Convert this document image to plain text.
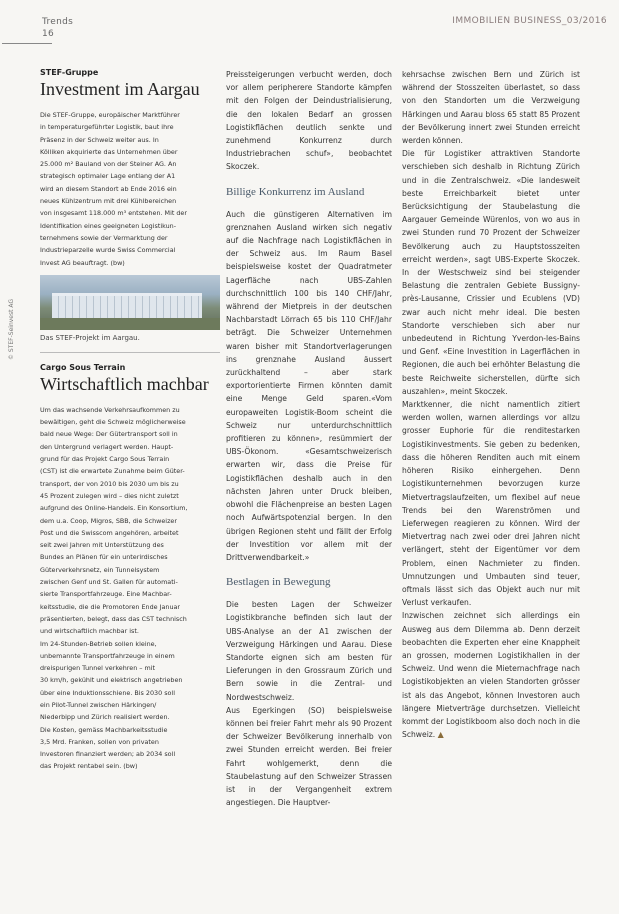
Trends
16
IMMOBILIEN BUSINESS_03/2016
© STEF-Seinvest AG

STEF-Gruppe

Investment im Aargau

Die STEF-Gruppe, europäischer Marktführer
in temperaturgeführter Logistik, baut ihre
Präsenz in der Schweiz weiter aus. In
Kölliken akquirierte das Unternehmen über
25.000 m² Bauland von der Steiner AG. An
strategisch optimaler Lage entlang der A1
wird an diesem Standort ab Ende 2016 ein
neues Kühlzentrum mit drei Kühlbereichen
von insgesamt 118.000 m³ entstehen. Mit der
Identifikation eines geeigneten Logistikun-
ternehmens sowie der Vermarktung der
Industrieparzelle wurde Swiss Commercial
Invest AG beauftragt. (bw)

Das STEF-Projekt im Aargau.

Cargo Sous Terrain

Wirtschaftlich machbar

Um das wachsende Verkehrsaufkommen zu
bewältigen, geht die Schweiz möglicherweise
bald neue Wege: Der Gütertransport soll in
den Untergrund verlagert werden. Haupt-
grund für das Projekt Cargo Sous Terrain
(CST) ist die erwartete Zunahme beim Güter-
transport, der von 2010 bis 2030 um bis zu
45 Prozent zulegen wird – dies nicht zuletzt
aufgrund des Online-Handels. Ein Konsortium,
dem u.a. Coop, Migros, SBB, die Schweizer
Post und die Swisscom angehören, arbeitet
seit zwei Jahren mit Unterstützung des
Bundes an Plänen für ein unterirdisches
Güterverkehrsnetz, ein Tunnelsystem
zwischen Genf und St. Gallen für automati-
sierte Transportfahrzeuge. Eine Machbar-
keitsstudie, die die Promotoren Ende Januar
präsentierten, belegt, dass das CST technisch
und wirtschaftlich machbar ist.
Im 24-Stunden-Betrieb sollen kleine,
unbemannte Transportfahrzeuge in einem
dreispurigen Tunnel verkehren – mit
30 km/h, gekühlt und elektrisch angetrieben
über eine Induktionsschiene. Bis 2030 soll
ein Pilot-Tunnel zwischen Härkingen/
Niederbipp und Zürich realisiert werden.
Die Kosten, gemäss Machbarkeitsstudie
3,5 Mrd. Franken, sollen von privaten
Investoren finanziert werden; ab 2034 soll
das Projekt rentabel sein. (bw)

Preissteigerungen verbucht werden, doch vor allem peripherere Standorte kämpfen mit den Folgen der Deindustrialisierung, die den lokalen Bedarf an grossen Logistikflächen deutlich senkte und zunehmend Konkurrenz durch Industriebrachen schuf», beobachtet Skoczek.

Billige Konkurrenz im Ausland

Auch die günstigeren Alternativen im grenznahen Ausland wirken sich negativ auf die Nachfrage nach Logistikflächen in der Schweiz aus. Im Raum Basel beispielsweise kostet der Quadratmeter Lagerfläche nach UBS-Zahlen durchschnittlich 100 bis 140 CHF/Jahr, während der Mietpreis in der deutschen Nachbarstadt Lörrach 65 bis 110 CHF/Jahr beträgt. Die Schweizer Unternehmen waren bisher mit Standortverlagerungen ins grenznahe Ausland äussert zurückhaltend – aber stark exportorientierte Firmen könnten damit eine Menge Geld sparen.«Vom europaweiten Logistik-Boom scheint die Schweiz nur unterdurchschnittlich profitieren zu können», resümmiert der UBS-Ökonom. «Gesamtschweizerisch erwarten wir, dass die Preise für Logistikflächen deshalb auch in den nächsten Jahren unter Druck bleiben, obwohl die Flächenpreise an besten Lagen noch Aufwärtspotenzial bergen. In den übrigen Regionen steht und fällt der Erfolg der Investition vor allem mit der Drittverwendbarkeit.»

Bestlagen in Bewegung

Die besten Lagen der Schweizer Logistikbranche befinden sich laut der UBS-Analyse an der A1 zwischen der Verzweigung Härkingen und Aarau. Diese Standorte eignen sich am besten für Lieferungen in den Grossraum Zürich und Bern sowie in die Zentral- und Nordwestschweiz.
Aus Egerkingen (SO) beispielsweise können bei freier Fahrt mehr als 90 Prozent der Schweizer Bevölkerung innerhalb von zwei Stunden erreicht werden. Bei freier Fahrt wohlgemerkt, denn die Staubelastung auf den Schweizer Strassen ist in der Vergangenheit extrem angestiegen. Die Hauptver-

kehrsachse zwischen Bern und Zürich ist während der Stosszeiten überlastet, so dass von den Standorten um die Verzweigung Härkingen und Aarau bloss 65 statt 85 Prozent der Bevölkerung innert zwei Stunden erreicht werden können.
Die für Logistiker attraktiven Standorte verschieben sich deshalb in Richtung Zürich und in die Zentralschweiz. «Die landesweit beste Erreichbarkeit bietet unter Berücksichtigung der Staubelastung die Aargauer Gemeinde Würenlos, von wo aus in zwei Stunden rund 70 Prozent der Schweizer Bevölkerung auch zu Hauptstosszeiten erreicht werden», sagt UBS-Experte Skoczek. In der Westschweiz sind bei steigender Belastung die zentralen Gebiete Bussigny-près-Lausanne, Crissier und Ecublens (VD) zwar auch nicht mehr ideal. Die besten Standorte verschieben sich aber nur unbedeutend in Richtung Yverdon-les-Bains und Genf. «Eine Investition in Lagerflächen in Regionen, die auch bei erhöhter Belastung die beste Reichweite sicherstellen, dürfte sich auszahlen», meint Skoczek.
Marktkenner, die nicht namentlich zitiert werden wollen, warnen allerdings vor allzu grosser Euphorie für die renditestarken Logistikinvestments. Sie geben zu bedenken, dass die höheren Renditen auch mit einem höheren Risiko einhergehen. Denn Logistikunternehmen bevorzugen kurze Mietvertragslaufzeiten, um flexibel auf neue Trends bei den Warenströmen und Lieferwegen reagieren zu können. Wird der Mietvertrag nach zwei oder drei Jahren nicht verlängert, steht der Eigentümer vor dem Problem, einen Nachmieter zu finden. Umnutzungen und Umbauten sind teuer, oftmals lässt sich das Objekt auch nur mit Verlust verkaufen.
Inzwischen zeichnet sich allerdings ein Ausweg aus dem Dilemma ab. Denn derzeit beobachten die Experten eher eine Knappheit an grossen, modernen Logistikhallen in der Schweiz. Und wenn die Mieternachfrage nach Logistikobjekten an vielen Standorten grösser ist als das Angebot, können Investoren auch längere Mietverträge durchsetzen. Vielleicht kommt der Logistikboom also doch noch in die Schweiz. ▲
